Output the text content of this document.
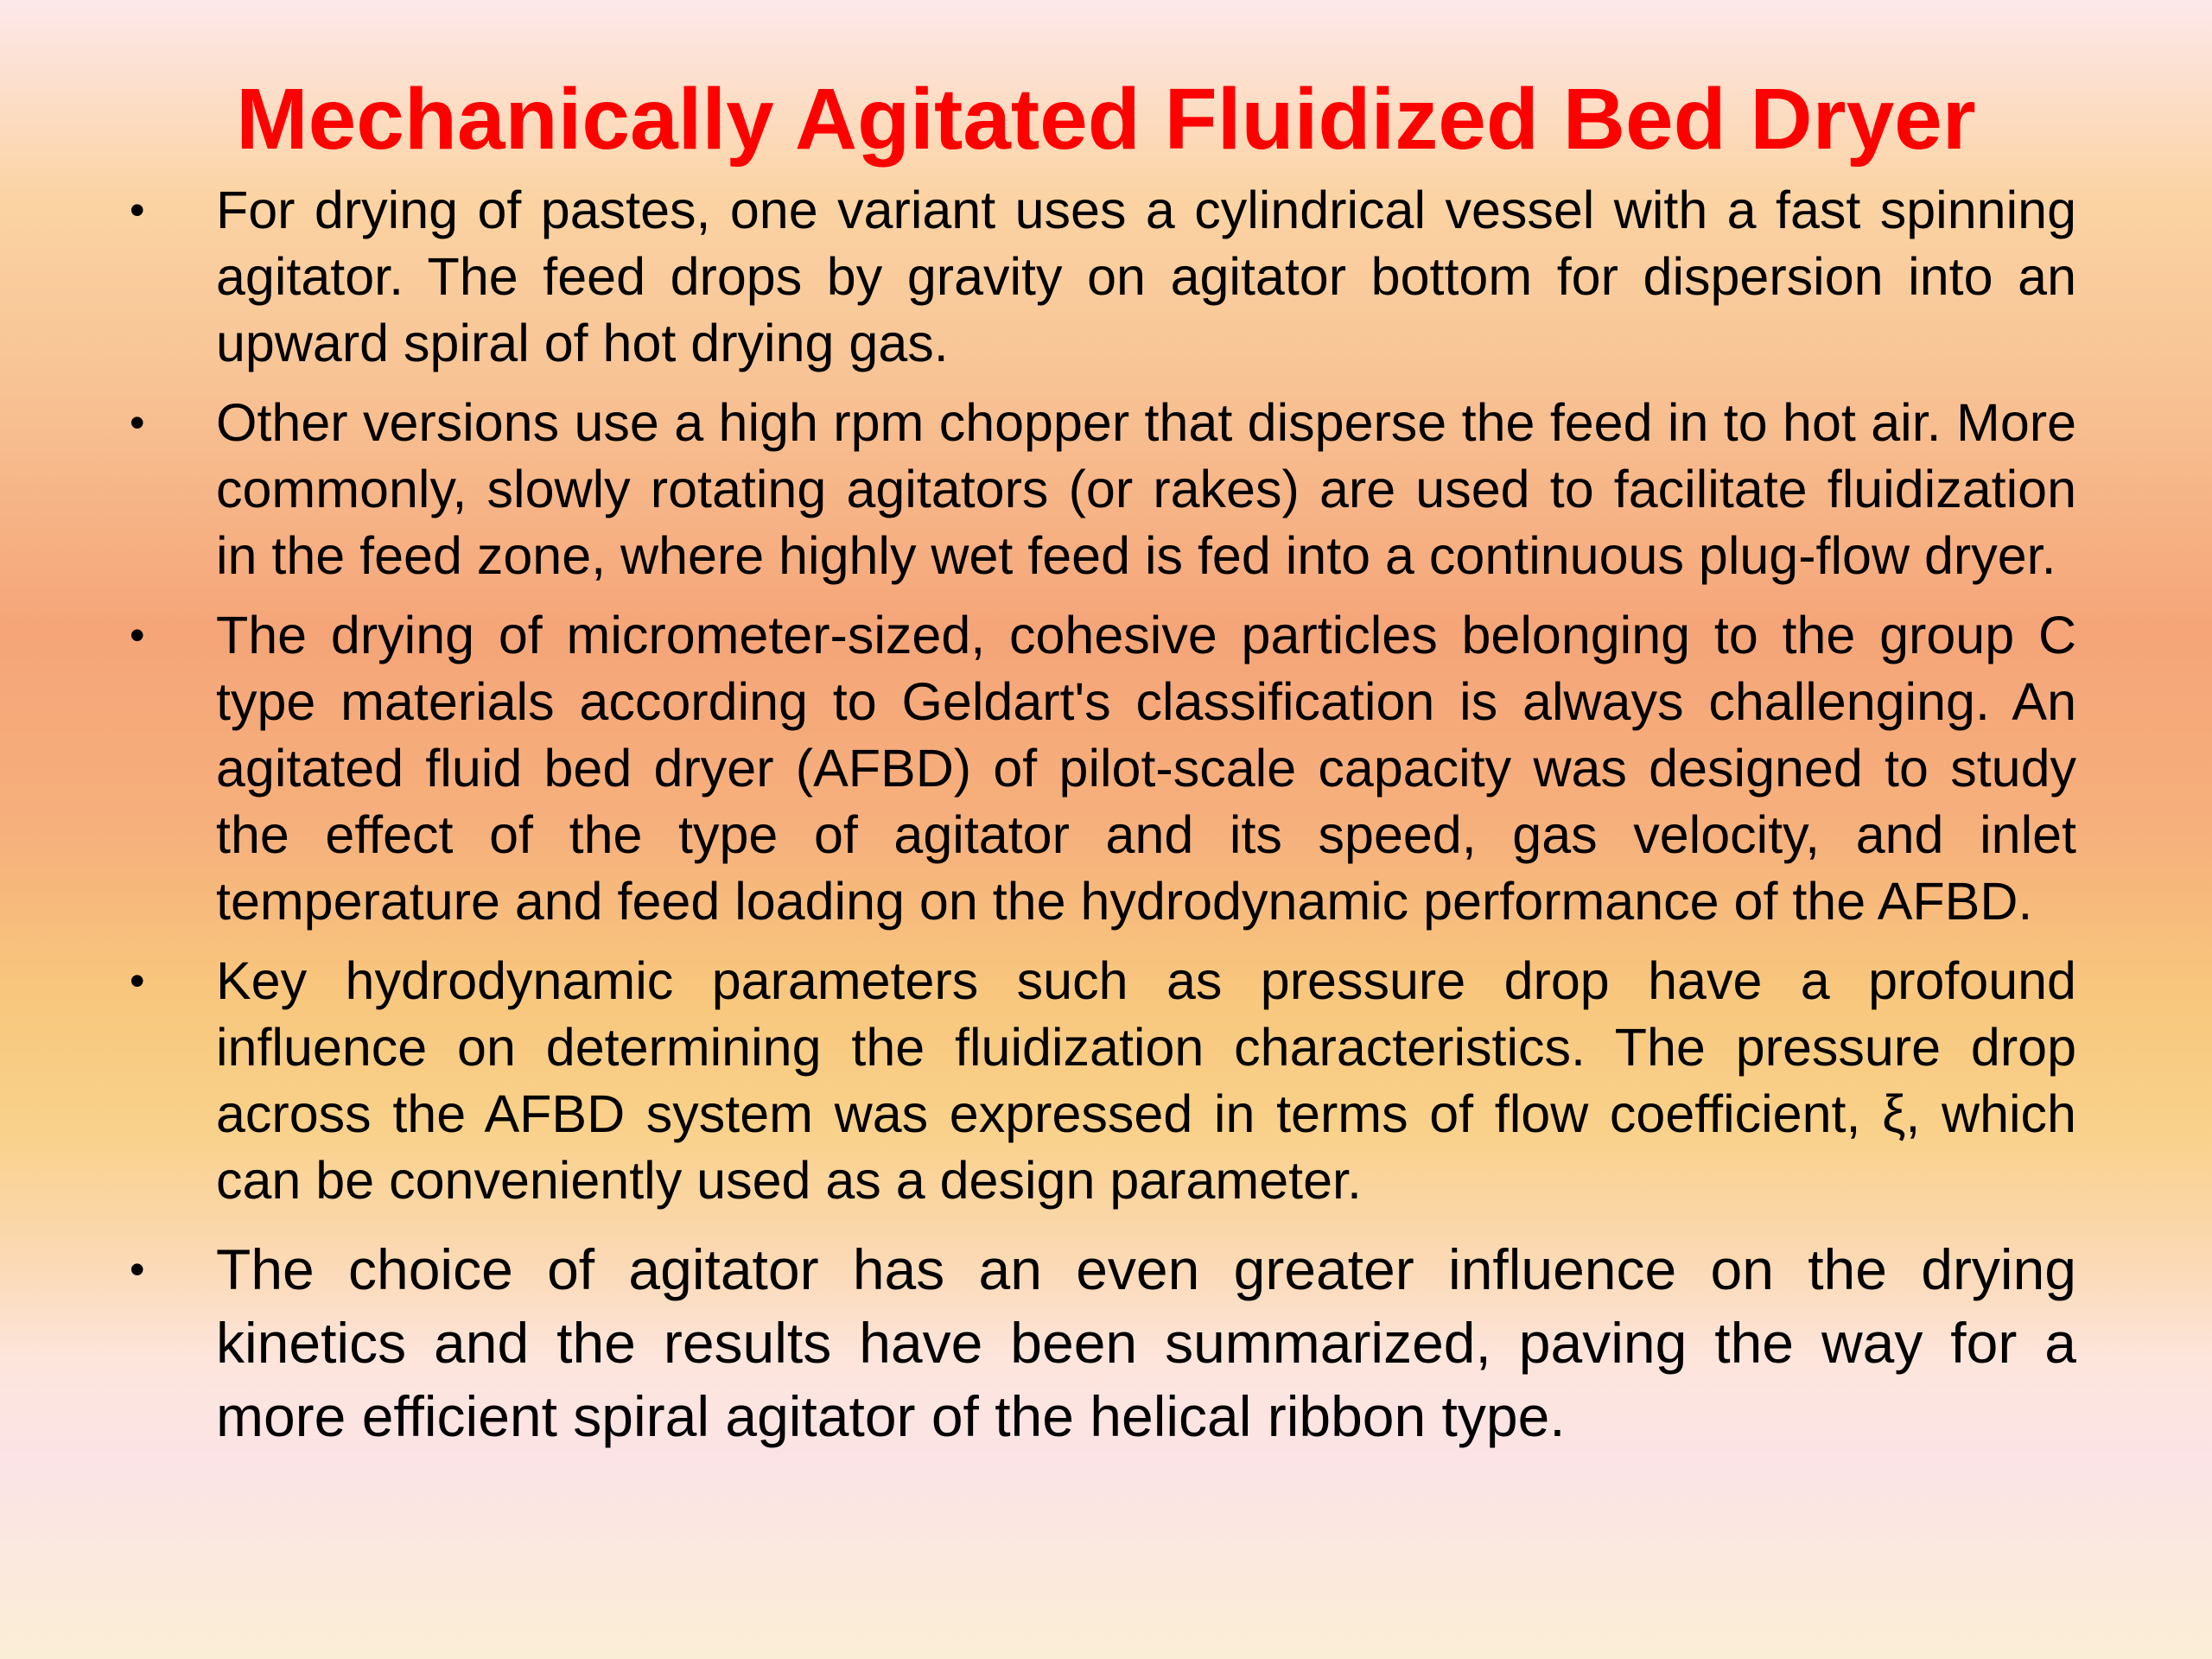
Mechanically Agitated Fluidized Bed Dryer
• For drying of pastes, one variant uses a cylindrical vessel with a fast spinning agitator. The feed drops by gravity on agitator bottom for dispersion into an upward spiral of hot drying gas.
• Other versions use a high rpm chopper that disperse the feed in to hot air. More commonly, slowly rotating agitators (or rakes) are used to facilitate fluidization in the feed zone, where highly wet feed is fed into a continuous plug-flow dryer.
• The drying of micrometer-sized, cohesive particles belonging to the group C type materials according to Geldart's classification is always challenging. An agitated fluid bed dryer (AFBD) of pilot-scale capacity was designed to study the effect of the type of agitator and its speed, gas velocity, and inlet temperature and feed loading on the hydrodynamic performance of the AFBD.
• Key hydrodynamic parameters such as pressure drop have a profound influence on determining the fluidization characteristics. The pressure drop across the AFBD system was expressed in terms of flow coefficient, ξ, which can be conveniently used as a design parameter.
• The choice of agitator has an even greater influence on the drying kinetics and the results have been summarized, paving the way for a more efficient spiral agitator of the helical ribbon type.
